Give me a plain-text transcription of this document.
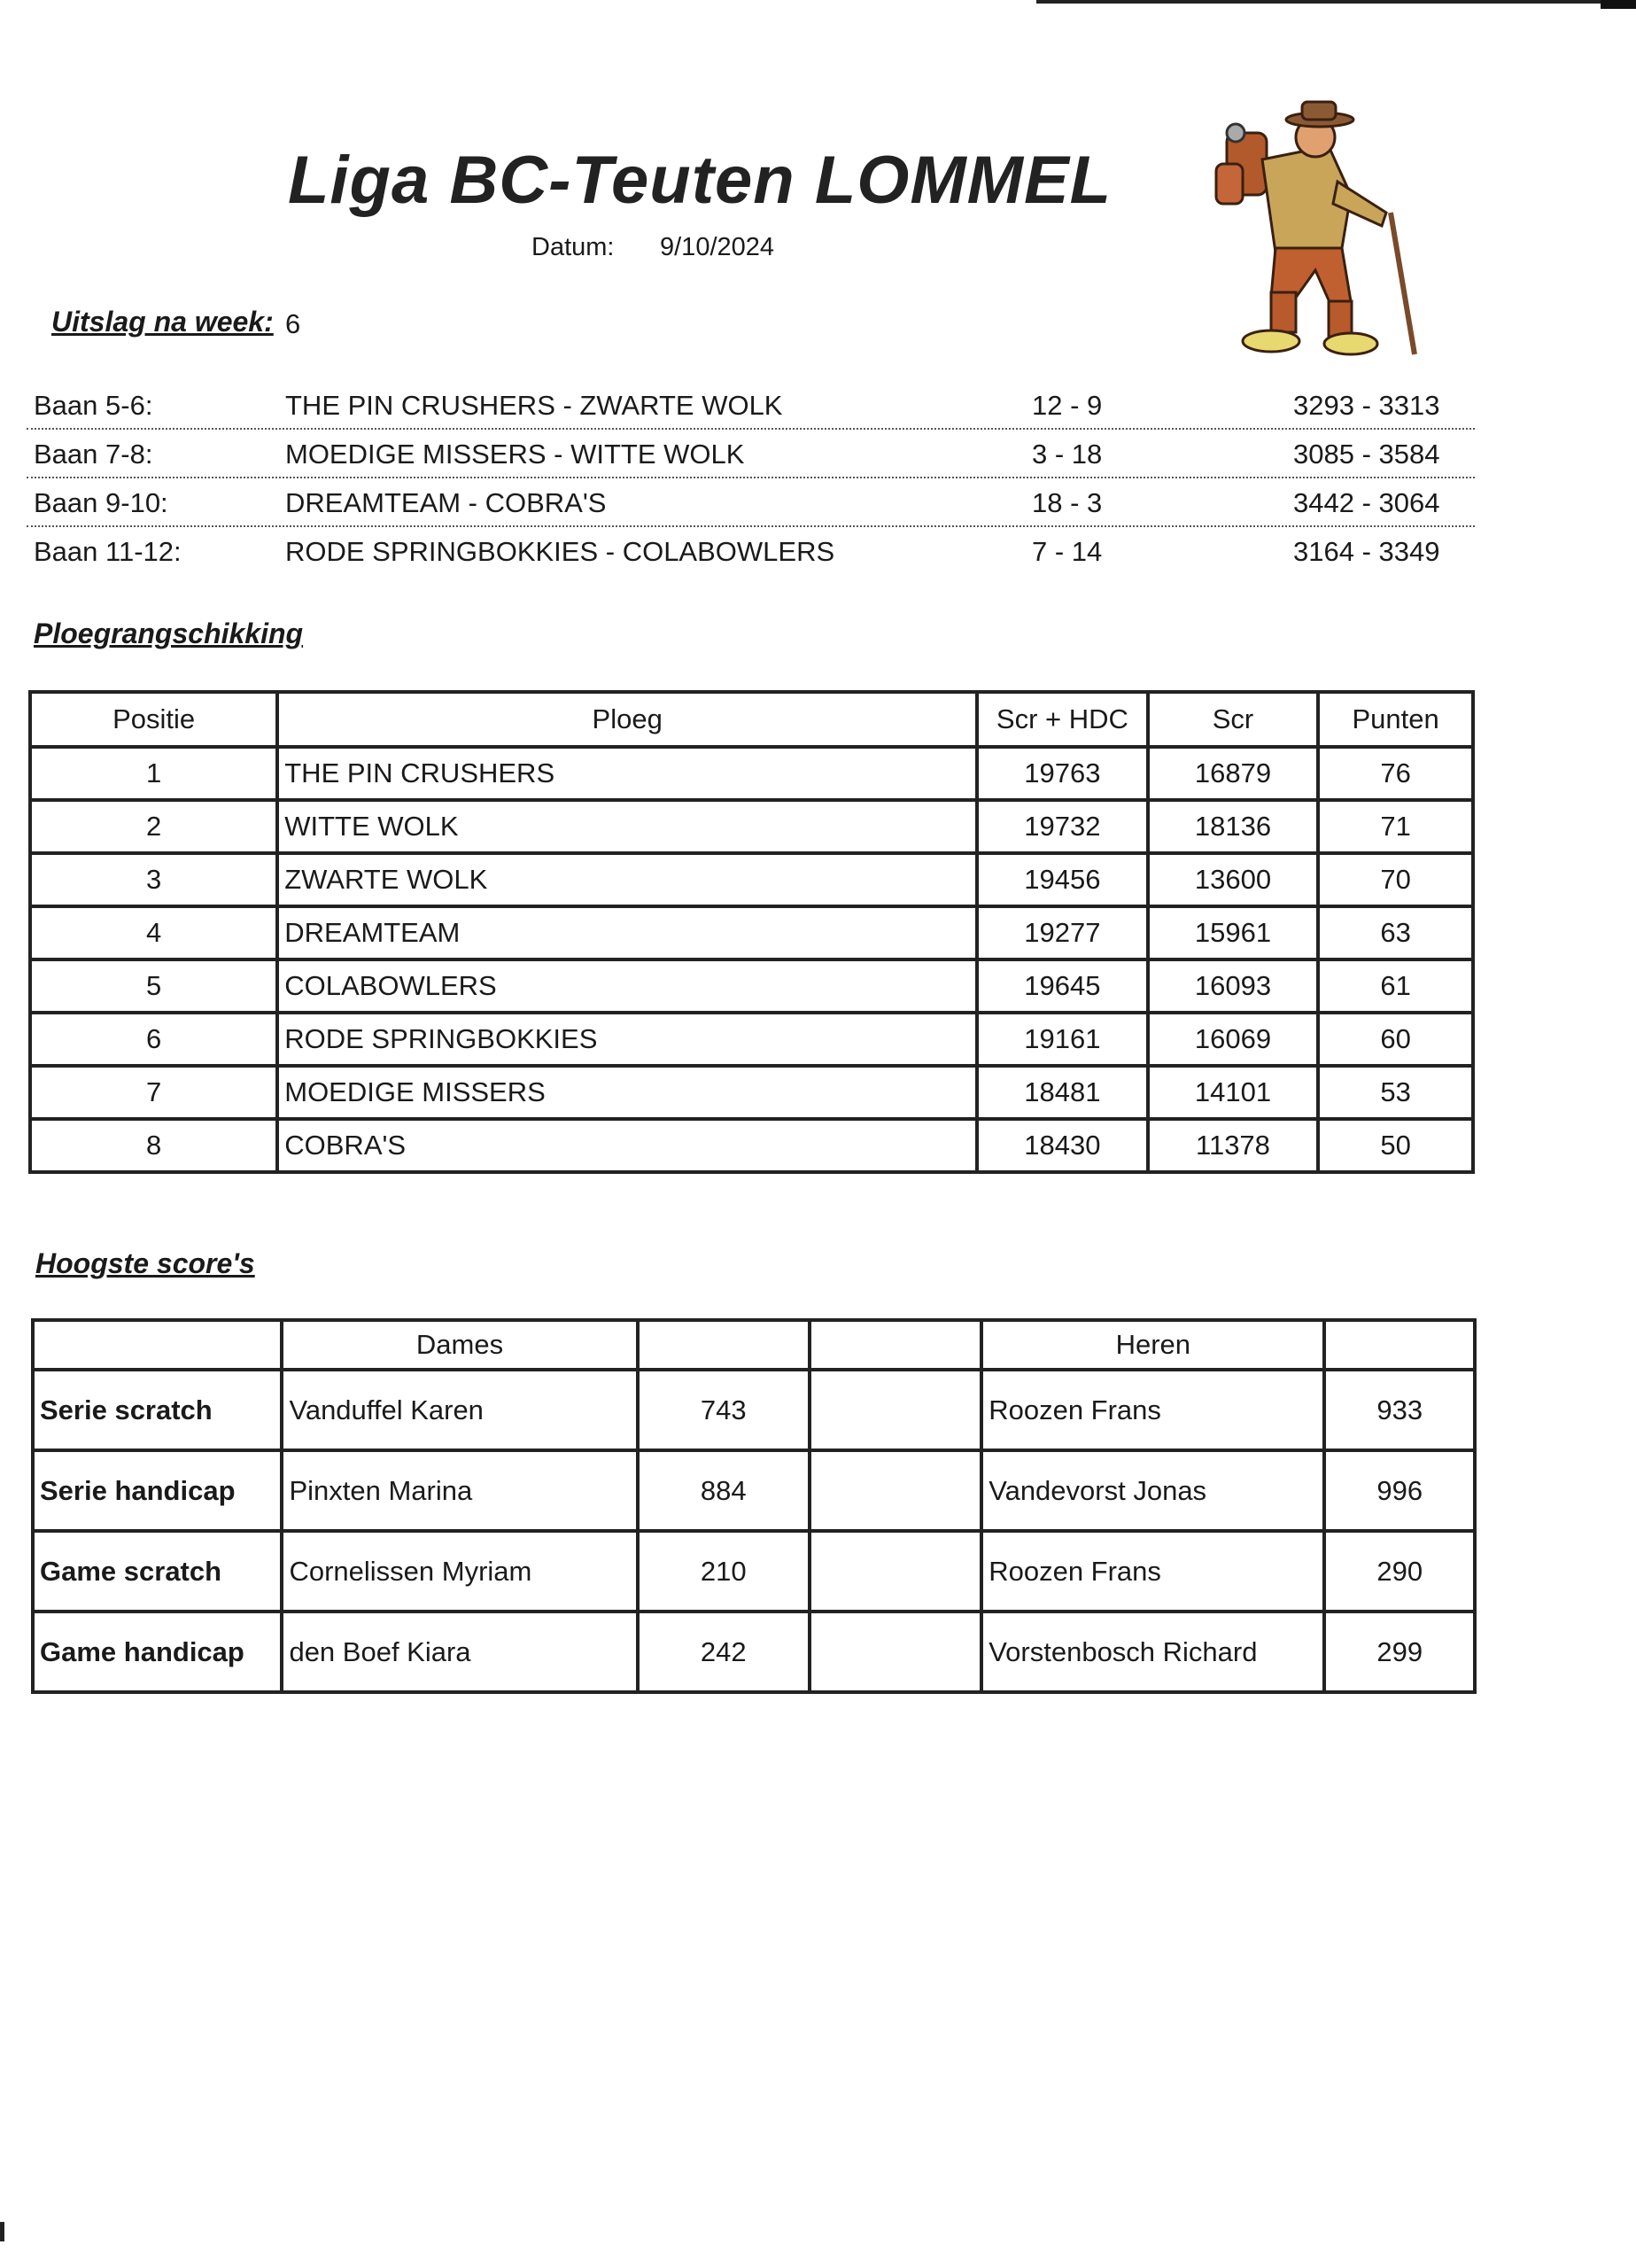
Liga BC-Teuten LOMMEL
Datum: 9/10/2024
Uitslag na week: 6
Baan 5-6:	THE PIN CRUSHERS - ZWARTE WOLK	12 - 9	3293 - 3313
Baan 7-8:	MOEDIGE MISSERS - WITTE WOLK	3 - 18	3085 - 3584
Baan 9-10:	DREAMTEAM - COBRA'S	18 - 3	3442 - 3064
Baan 11-12:	RODE SPRINGBOKKIES - COLABOWLERS	7 - 14	3164 - 3349
Ploegrangschikking
Positie	Ploeg	Scr + HDC	Scr	Punten
1	THE PIN CRUSHERS	19763	16879	76
2	WITTE WOLK	19732	18136	71
3	ZWARTE WOLK	19456	13600	70
4	DREAMTEAM	19277	15961	63
5	COLABOWLERS	19645	16093	61
6	RODE SPRINGBOKKIES	19161	16069	60
7	MOEDIGE MISSERS	18481	14101	53
8	COBRA'S	18430	11378	50
Hoogste score's
	Dames			Heren	
Serie scratch	Vanduffel Karen	743		Roozen Frans	933
Serie handicap	Pinxten Marina	884		Vandevorst Jonas	996
Game scratch	Cornelissen Myriam	210		Roozen Frans	290
Game handicap	den Boef Kiara	242		Vorstenbosch Richard	299
